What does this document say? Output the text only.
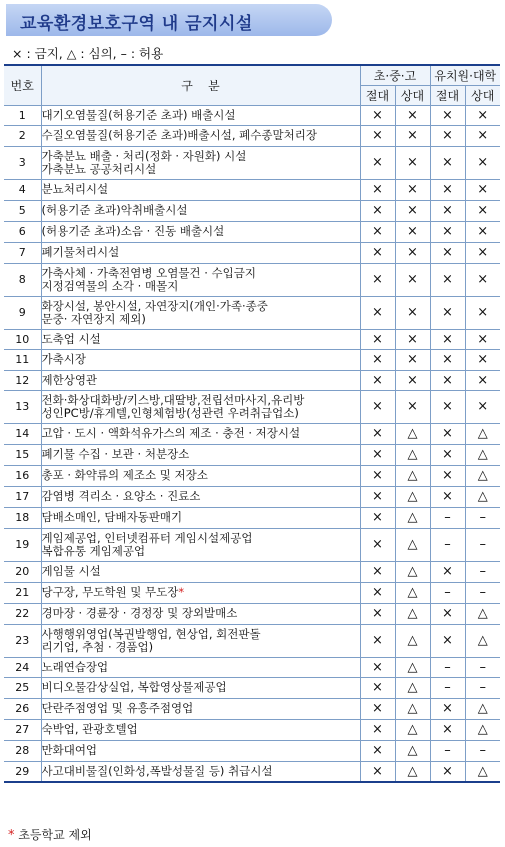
교육환경보호구역 내 금지시설
× : 금지, △ : 심의, – : 허용
번호	구    분	초·중·고		유치원·대학	
		절대	상대	절대	상대
1	대기오염물질(허용기준 초과) 배출시설	×	×	×	×
2	수질오염물질(허용기준 초과)배출시설, 폐수종말처리장	×	×	×	×
3	가축분뇨 배출 · 처리(정화 · 자원화) 시설
가축분뇨 공공처리시설	×	×	×	×
4	분뇨처리시설	×	×	×	×
5	(허용기준 초과)악취배출시설	×	×	×	×
6	(허용기준 초과)소음 · 진동 배출시설	×	×	×	×
7	폐기물처리시설	×	×	×	×
8	가축사체 · 가축전염병 오염물건 · 수입금지
지정검역물의 소각 · 매몰지	×	×	×	×
9	화장시설, 봉안시설, 자연장지(개인·가족·종중
문중· 자연장지 제외)	×	×	×	×
10	도축업 시설	×	×	×	×
11	가축시장	×	×	×	×
12	제한상영관	×	×	×	×
13	전화·화상대화방/키스방,대딸방,전립선마사지,유리방
성인PC방/휴게텔,인형체험방(성관련 우려취급업소)	×	×	×	×
14	고압 · 도시 · 액화석유가스의 제조 · 충전 · 저장시설	×	△	×	△
15	폐기물 수집 · 보관 · 처분장소	×	△	×	△
16	총포 · 화약류의 제조소 및 저장소	×	△	×	△
17	감염병 격리소 · 요양소 · 진료소	×	△	×	△
18	담배소매인, 담배자동판매기	×	△	–	–
19	게임제공업, 인터넷컴퓨터 게임시설제공업
복합유통 게임제공업	×	△	–	–
20	게임물 시설	×	△	×	–
21	당구장, 무도학원 및 무도장*	×	△	–	–
22	경마장 · 경륜장 · 경정장 및 장외발매소	×	△	×	△
23	사행행위영업(복권발행업, 현상업, 회전판돌
리기업, 추첨 · 경품업)	×	△	×	△
24	노래연습장업	×	△	–	–
25	비디오물감상실업, 복합영상물제공업	×	△	–	–
26	단란주점영업 및 유흥주점영업	×	△	×	△
27	숙박업, 관광호텔업	×	△	×	△
28	만화대여업	×	△	–	–
29	사고대비물질(인화성,폭발성물질 등) 취급시설	×	△	×	△
* 초등학교 제외
